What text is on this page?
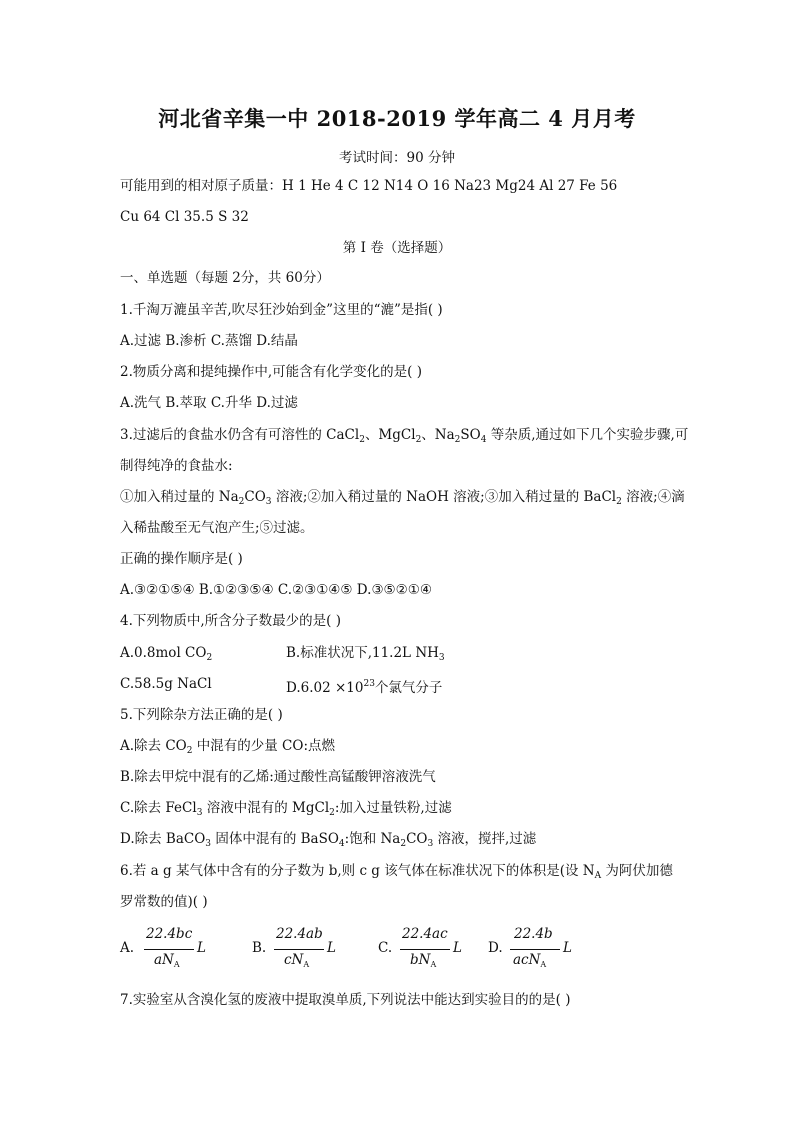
河北省辛集一中 2018-2019 学年高二 4 月月考
考试时间：90 分钟
可能用到的相对原子质量：H 1 He 4 C 12 N14 O 16 Na23 Mg24 Al 27 Fe 56
Cu 64 Cl 35.5 S 32
第 I 卷（选择题）
一、单选题（每题 2分，共 60分）
1.千淘万漉虽辛苦,吹尽狂沙始到金”这里的“漉”是指( )
A.过滤 B.渗析 C.蒸馏 D.结晶
2.物质分离和提纯操作中,可能含有化学变化的是( )
A.洗气 B.萃取 C.升华 D.过滤
3.过滤后的食盐水仍含有可溶性的 CaCl$_2$、MgCl$_2$、$Na_2SO_4$ 等杂质,通过如下几个实验步骤,可
制得纯净的食盐水:
①加入稍过量的 $Na_2CO_3$ 溶液;②加入稍过量的 NaOH 溶液;③加入稍过量的 BaCl$_2$ 溶液;④滴
入稀盐酸至无气泡产生;⑤过滤。
正确的操作顺序是( )
A.③②①⑤④ B.①②③⑤④ C.②③①④⑤ D.③⑤②①④
4.下列物质中,所含分子数最少的是( )
A.0.8mol $CO_2$	B.标准状况下,11.2L $NH_3$
C.58.5g NaCl	$D.6.02 \times 10^{23}$个氯气分子
5.下列除杂方法正确的是( )
A.除去 $CO_2$ 中混有的少量 CO:点燃
B.除去甲烷中混有的乙烯:通过酸性高锰酸钾溶液洗气
C.除去 FeCl$_3$ 溶液中混有的 MgCl$_2$:加入过量铁粉,过滤
D.除去 BaCO$_3$ 固体中混有的 BaSO$_4$:饱和 $Na_2CO_3$ 溶液，搅拌,过滤
6.若 a g 某气体中含有的分子数为 b,则 c g 该气体在标准状况下的体积是(设 $N_A$ 为阿伏加德
罗常数的值)( )
A.
22.4bc
$aN_A$
L	B.
22.4ab
$cN_A$
L	C.
22.4ac
$bN_A$
L D.
22.4b
acN$_A$
L
7.实验室从含溴化氢的废液中提取溴单质,下列说法中能达到实验目的的是( )
